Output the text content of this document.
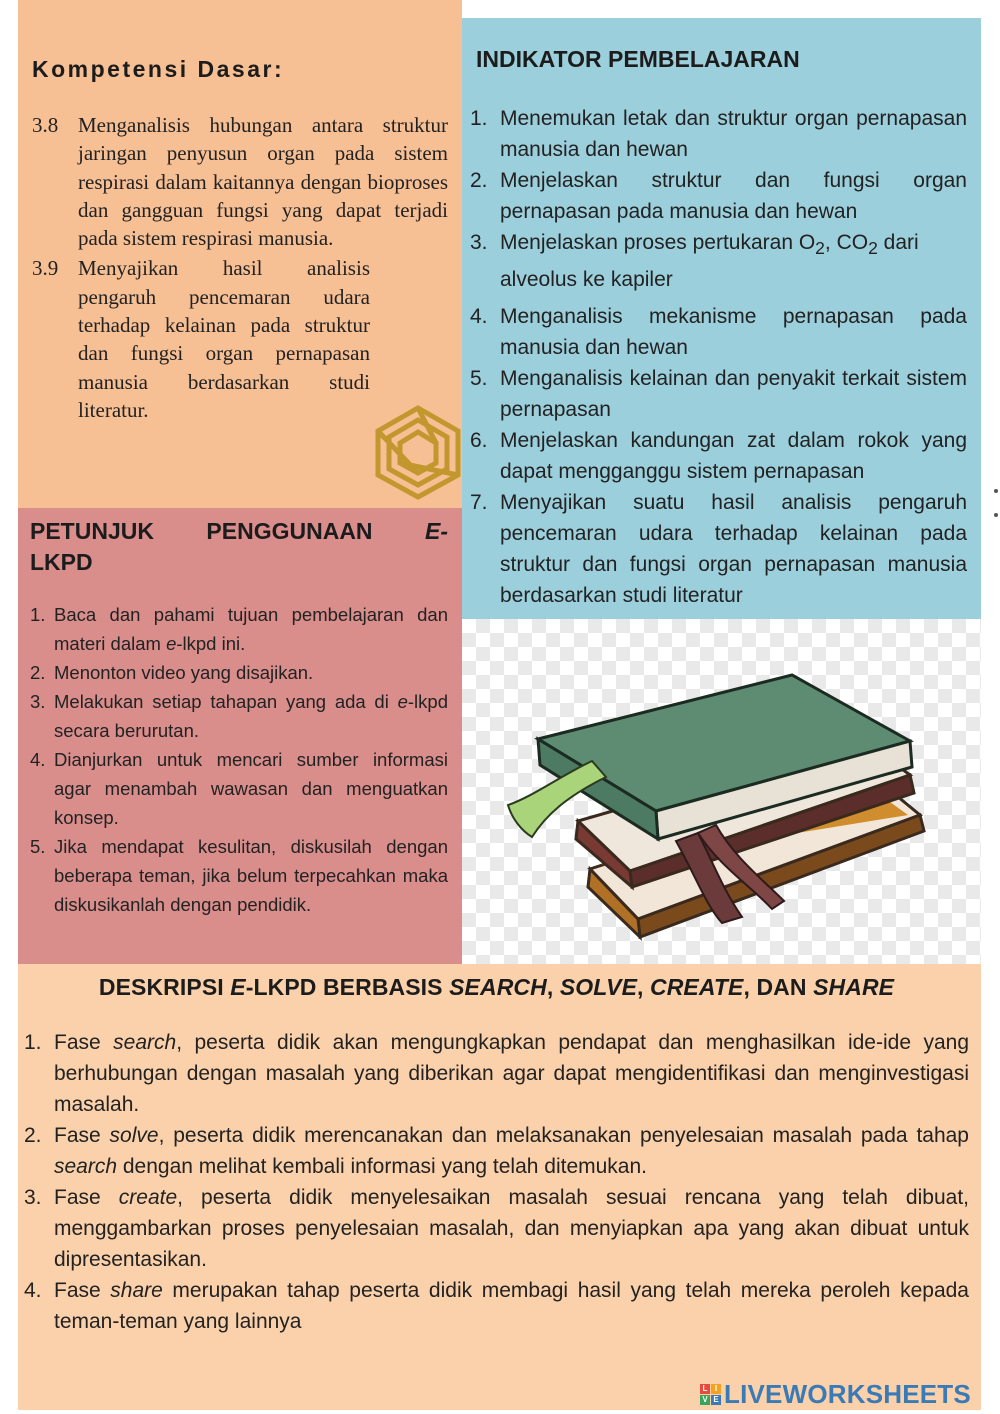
Kompetensi Dasar:
3.8 Menganalisis hubungan antara struktur jaringan penyusun organ pada sistem respirasi dalam kaitannya dengan bioproses dan gangguan fungsi yang dapat terjadi pada sistem respirasi manusia.
3.9 Menyajikan hasil analisis pengaruh pencemaran udara terhadap kelainan pada struktur dan fungsi organ pernapasan manusia berdasarkan studi literatur.
PETUNJUK PENGGUNAAN E-
LKPD
1. Baca dan pahami tujuan pembelajaran dan materi dalam e-lkpd ini.
2. Menonton video yang disajikan.
3. Melakukan setiap tahapan yang ada di e-lkpd secara berurutan.
4. Dianjurkan untuk mencari sumber informasi agar menambah wawasan dan menguatkan konsep.
5. Jika mendapat kesulitan, diskusilah dengan beberapa teman, jika belum terpecahkan maka diskusikanlah dengan pendidik.
INDIKATOR PEMBELAJARAN
1. Menemukan letak dan struktur organ pernapasan manusia dan hewan
2. Menjelaskan struktur dan fungsi organ pernapasan pada manusia dan hewan
3. Menjelaskan proses pertukaran $O_2$, $CO_2$ dari alveolus ke kapiler
4. Menganalisis mekanisme pernapasan pada manusia dan hewan
5. Menganalisis kelainan dan penyakit terkait sistem pernapasan
6. Menjelaskan kandungan zat dalam rokok yang dapat mengganggu sistem pernapasan
7. Menyajikan suatu hasil analisis pengaruh pencemaran udara terhadap kelainan pada struktur dan fungsi organ pernapasan manusia berdasarkan studi literatur
DESKRIPSI E-LKPD BERBASIS SEARCH, SOLVE, CREATE, DAN SHARE
1. Fase search, peserta didik akan mengungkapkan pendapat dan menghasilkan ide-ide yang berhubungan dengan masalah yang diberikan agar dapat mengidentifikasi dan menginvestigasi masalah.
2. Fase solve, peserta didik merencanakan dan melaksanakan penyelesaian masalah pada tahap search dengan melihat kembali informasi yang telah ditemukan.
3. Fase create, peserta didik menyelesaikan masalah sesuai rencana yang telah dibuat, menggambarkan proses penyelesaian masalah, dan menyiapkan apa yang akan dibuat untuk dipresentasikan.
4. Fase share merupakan tahap peserta didik membagi hasil yang telah mereka peroleh kepada teman-teman yang lainnya
L I
V E LIVEWORKSHEETS
